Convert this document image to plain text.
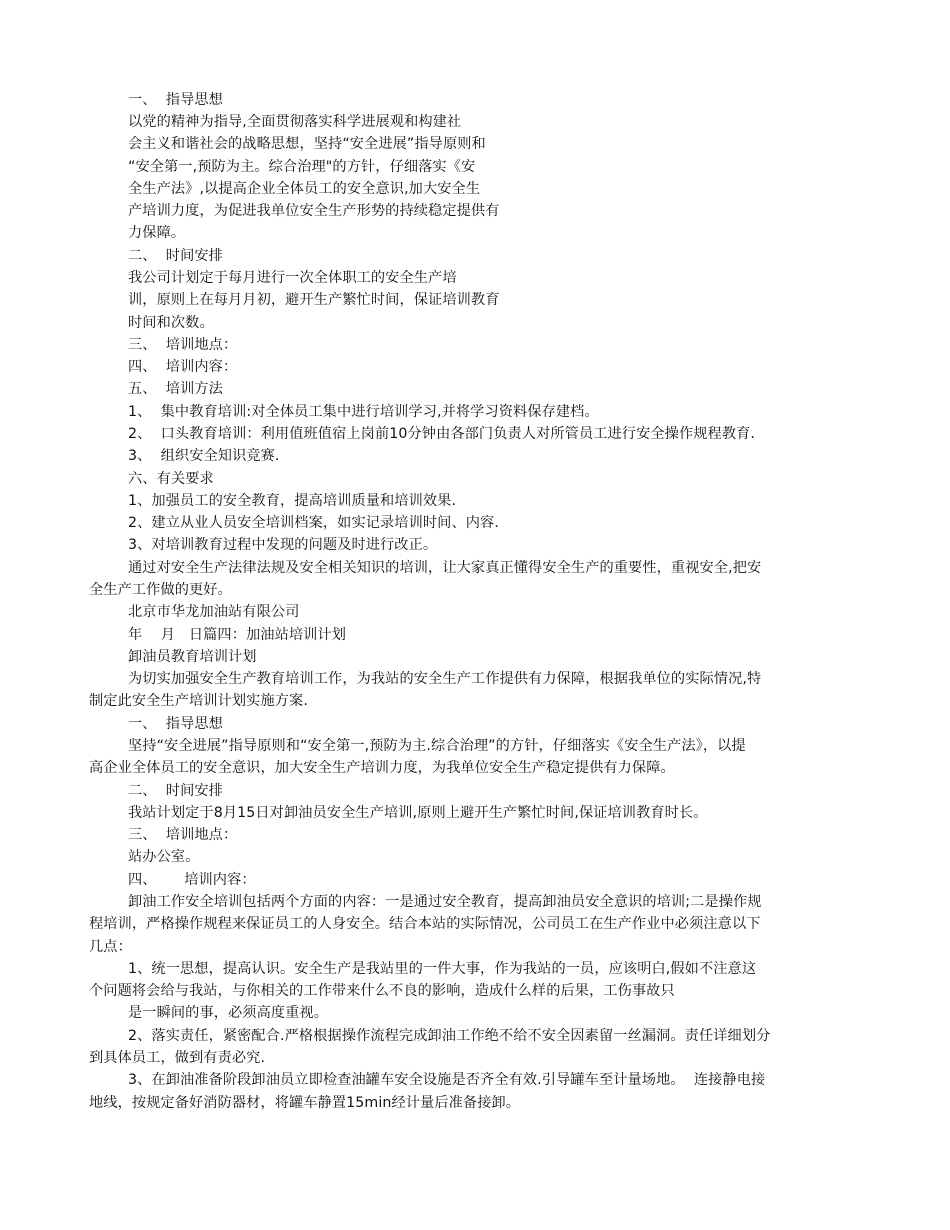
一、  指导思想

以党的精神为指导,全面贯彻落实科学进展观和构建社

会主义和谐社会的战略思想，坚持“安全进展”指导原则和

“安全第一,预防为主。综合治理"的方针，仔细落实《安

全生产法》,以提高企业全体员工的安全意识,加大安全生

产培训力度，为促进我单位安全生产形势的持续稳定提供有

力保障。

二、  时间安排

我公司计划定于每月进行一次全体职工的安全生产培

训，原则上在每月月初，避开生产繁忙时间，保证培训教育

时间和次数。

三、  培训地点：

四、  培训内容：

五、  培训方法

1、  集中教育培训:对全体员工集中进行培训学习,并将学习资料保存建档。

2、  口头教育培训：利用值班值宿上岗前10分钟由各部门负责人对所管员工进行安全操作规程教育.

3、  组织安全知识竞赛.

六、有关要求

1、加强员工的安全教育，提高培训质量和培训效果.

2、建立从业人员安全培训档案，如实记录培训时间、内容.

3、对培训教育过程中发现的问题及时进行改正。

通过对安全生产法律法规及安全相关知识的培训，让大家真正懂得安全生产的重要性，重视安全,把安

全生产工作做的更好。

北京市华龙加油站有限公司

年    月   日篇四：加油站培训计划

卸油员教育培训计划

为切实加强安全生产教育培训工作，为我站的安全生产工作提供有力保障，根据我单位的实际情况,特

制定此安全生产培训计划实施方案.

一、  指导思想

坚持“安全进展”指导原则和“安全第一,预防为主.综合治理”的方针，仔细落实《安全生产法》，以提

高企业全体员工的安全意识，加大安全生产培训力度，为我单位安全生产稳定提供有力保障。

二、  时间安排

我站计划定于8月15日对卸油员安全生产培训,原则上避开生产繁忙时间,保证培训教育时长。

三、  培训地点：

站办公室。

四、      培训内容：

卸油工作安全培训包括两个方面的内容：一是通过安全教育，提高卸油员安全意识的培训;二是操作规

程培训，严格操作规程来保证员工的人身安全。结合本站的实际情况，公司员工在生产作业中必须注意以下

几点：

1、统一思想，提高认识。安全生产是我站里的一件大事，作为我站的一员，应该明白,假如不注意这

个问题将会给与我站，与你相关的工作带来什么不良的影响，造成什么样的后果，工伤事故只

是一瞬间的事，必须高度重视。

2、落实责任，紧密配合.严格根据操作流程完成卸油工作绝不给不安全因素留一丝漏洞。责任详细划分

到具体员工，做到有责必究.

3、在卸油准备阶段卸油员立即检查油罐车安全设施是否齐全有效.引导罐车至计量场地。  连接静电接

地线，按规定备好消防器材，将罐车静置15min经计量后准备接卸。
